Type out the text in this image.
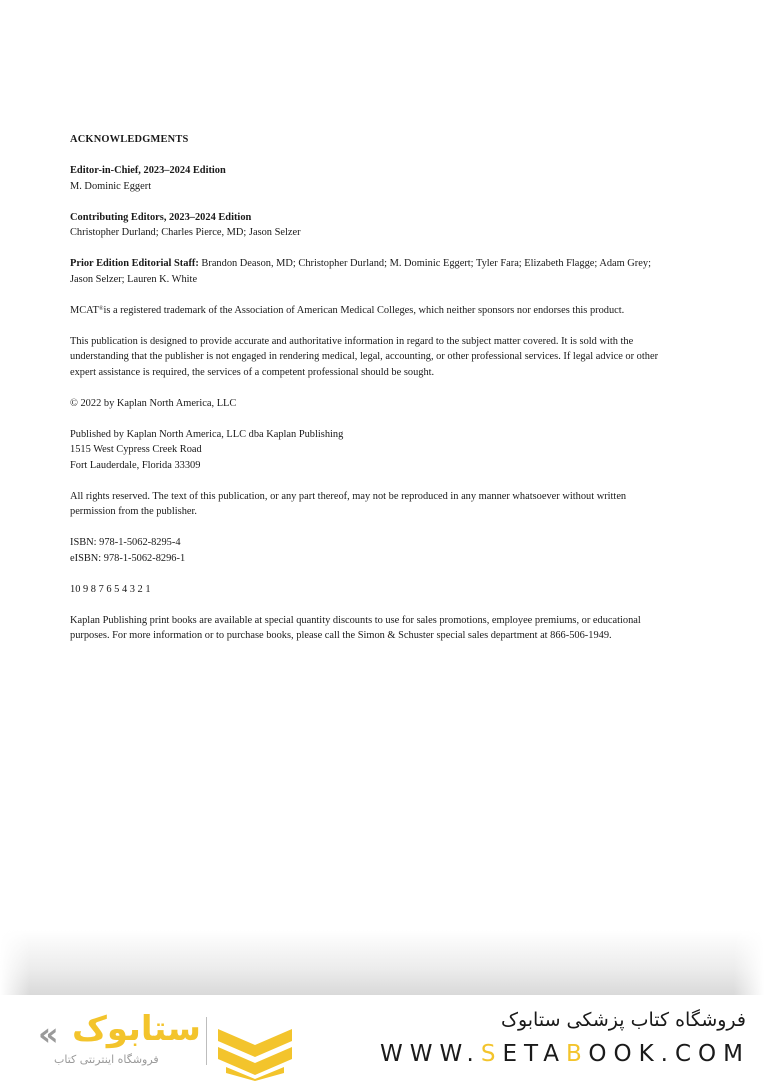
ACKNOWLEDGMENTS

Editor-in-Chief, 2023–2024 Edition

M. Dominic Eggert

Contributing Editors, 2023–2024 Edition

Christopher Durland; Charles Pierce, MD; Jason Selzer

Prior Edition Editorial Staff: Brandon Deason, MD; Christopher Durland; M. Dominic Eggert; Tyler Fara; Elizabeth Flagge; Adam Grey;

Jason Selzer; Lauren K. White

MCAT®is a registered trademark of the Association of American Medical Colleges, which neither sponsors nor endorses this product.

This publication is designed to provide accurate and authoritative information in regard to the subject matter covered. It is sold with the

understanding that the publisher is not engaged in rendering medical, legal, accounting, or other professional services. If legal advice or other

expert assistance is required, the services of a competent professional should be sought.

© 2022 by Kaplan North America, LLC

Published by Kaplan North America, LLC dba Kaplan Publishing

1515 West Cypress Creek Road

Fort Lauderdale, Florida 33309

All rights reserved. The text of this publication, or any part thereof, may not be reproduced in any manner whatsoever without written

permission from the publisher.

ISBN: 978-1-5062-8295-4

eISBN: 978-1-5062-8296-1

10 9 8 7 6 5 4 3 2 1

Kaplan Publishing print books are available at special quantity discounts to use for sales promotions, employee premiums, or educational

purposes. For more information or to purchase books, please call the Simon & Schuster special sales department at 866-506-1949.

« ستابوک
فروشگاه اینترنتی کتاب
فروشگاه کتاب پزشکی ستابوک
WWW.SETABOOK.COM
